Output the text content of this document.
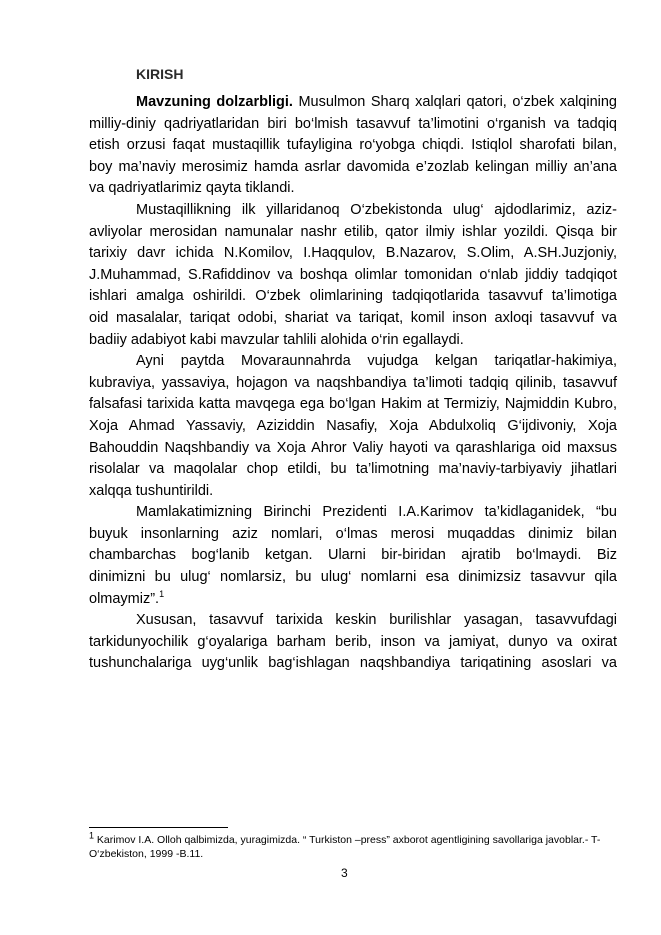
KIRISH
Mavzuning dolzarbligi. Musulmon Sharq xalqlari qatori, o‘zbek xalqining
milliy-diniy qadriyatlaridan biri bo‘lmish tasavvuf ta’limotini o‘rganish va tadqiq
etish orzusi faqat mustaqillik tufayligina ro‘yobga chiqdi. Istiqlol sharofati bilan,
boy ma’naviy merosimiz hamda asrlar davomida e’zozlab kelingan milliy an’ana
va qadriyatlarimiz qayta tiklandi.
Mustaqillikning ilk yillaridanoq O‘zbekistonda ulug‘ ajdodlarimiz, aziz-
avliyolar merosidan namunalar nashr etilib, qator ilmiy ishlar yozildi. Qisqa bir
tarixiy davr ichida N.Komilov, I.Haqqulov, B.Nazarov, S.Olim, A.SH.Juzjoniy,
J.Muhammad, S.Rafiddinov va boshqa olimlar tomonidan o‘nlab jiddiy tadqiqot
ishlari amalga oshirildi. O‘zbek olimlarining tadqiqotlarida tasavvuf ta’limotiga
oid masalalar, tariqat odobi, shariat va tariqat, komil inson axloqi tasavvuf va
badiiy adabiyot kabi mavzular tahlili alohida o‘rin egallaydi.
Ayni paytda Movaraunnahrda vujudga kelgan tariqatlar-hakimiya,
kubraviya, yassaviya, hojagon va naqshbandiya ta’limoti tadqiq qilinib, tasavvuf
falsafasi tarixida katta mavqega ega bo‘lgan Hakim at Termiziy, Najmiddin Kubro,
Xoja Ahmad Yassaviy, Aziziddin Nasafiy, Xoja Abdulxoliq G‘ijdivoniy, Xoja
Bahouddin Naqshbandiy va Xoja Ahror Valiy hayoti va qarashlariga oid maxsus
risolalar va maqolalar chop etildi, bu ta’limotning ma’naviy-tarbiyaviy jihatlari
xalqqa tushuntirildi.
Mamlakatimizning Birinchi Prezidenti I.A.Karimov ta’kidlaganidek, “bu
buyuk insonlarning aziz nomlari, o‘lmas merosi muqaddas dinimiz bilan
chambarchas bog‘lanib ketgan. Ularni bir-biridan ajratib bo‘lmaydi. Biz
dinimizni bu ulug‘ nomlarsiz, bu ulug‘ nomlarni esa dinimizsiz tasavvur qila
olmaymiz”.$^1$
Xususan, tasavvuf tarixida keskin burilishlar yasagan, tasavvufdagi
tarkidunyochilik g‘oyalariga barham berib, inson va jamiyat, dunyo va oxirat
tushunchalariga uyg‘unlik bag‘ishlagan naqshbandiya tariqatining asoslari va
$^1$ Karimov I.A. Olloh qalbimizda, yuragimizda. “ Turkiston –press” axborot agentligining savollariga javoblar.- T-
O‘zbekiston, 1999 -B.11.
3
